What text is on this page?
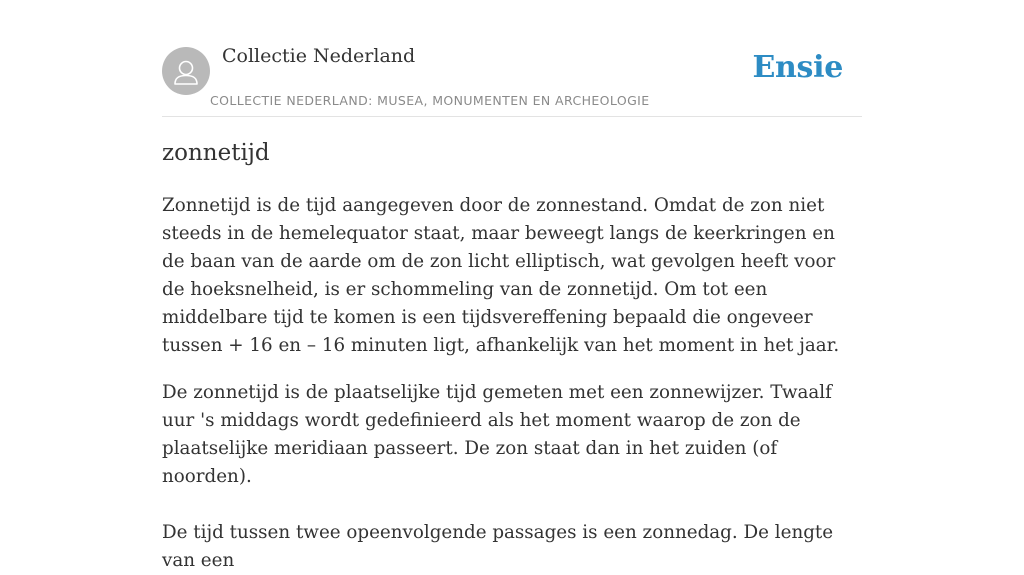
Collectie Nederland
COLLECTIE NEDERLAND: MUSEA, MONUMENTEN EN ARCHEOLOGIE
Ensie
zonnetijd

Zonnetijd is de tijd aangegeven door de zonnestand. Omdat de zon niet steeds in de hemelequator staat, maar beweegt langs de keerkringen en de baan van de aarde om de zon licht elliptisch, wat gevolgen heeft voor de hoeksnelheid, is er schommeling van de zonnetijd. Om tot een middelbare tijd te komen is een tijdsvereffening bepaald die ongeveer tussen + 16 en – 16 minuten ligt, afhankelijk van het moment in het jaar.

De zonnetijd is de plaatselijke tijd gemeten met een zonnewijzer. Twaalf uur 's middags wordt gedefinieerd als het moment waarop de zon de plaatselijke meridiaan passeert. De zon staat dan in het zuiden (of noorden).

De tijd tussen twee opeenvolgende passages is een zonnedag. De lengte van een
